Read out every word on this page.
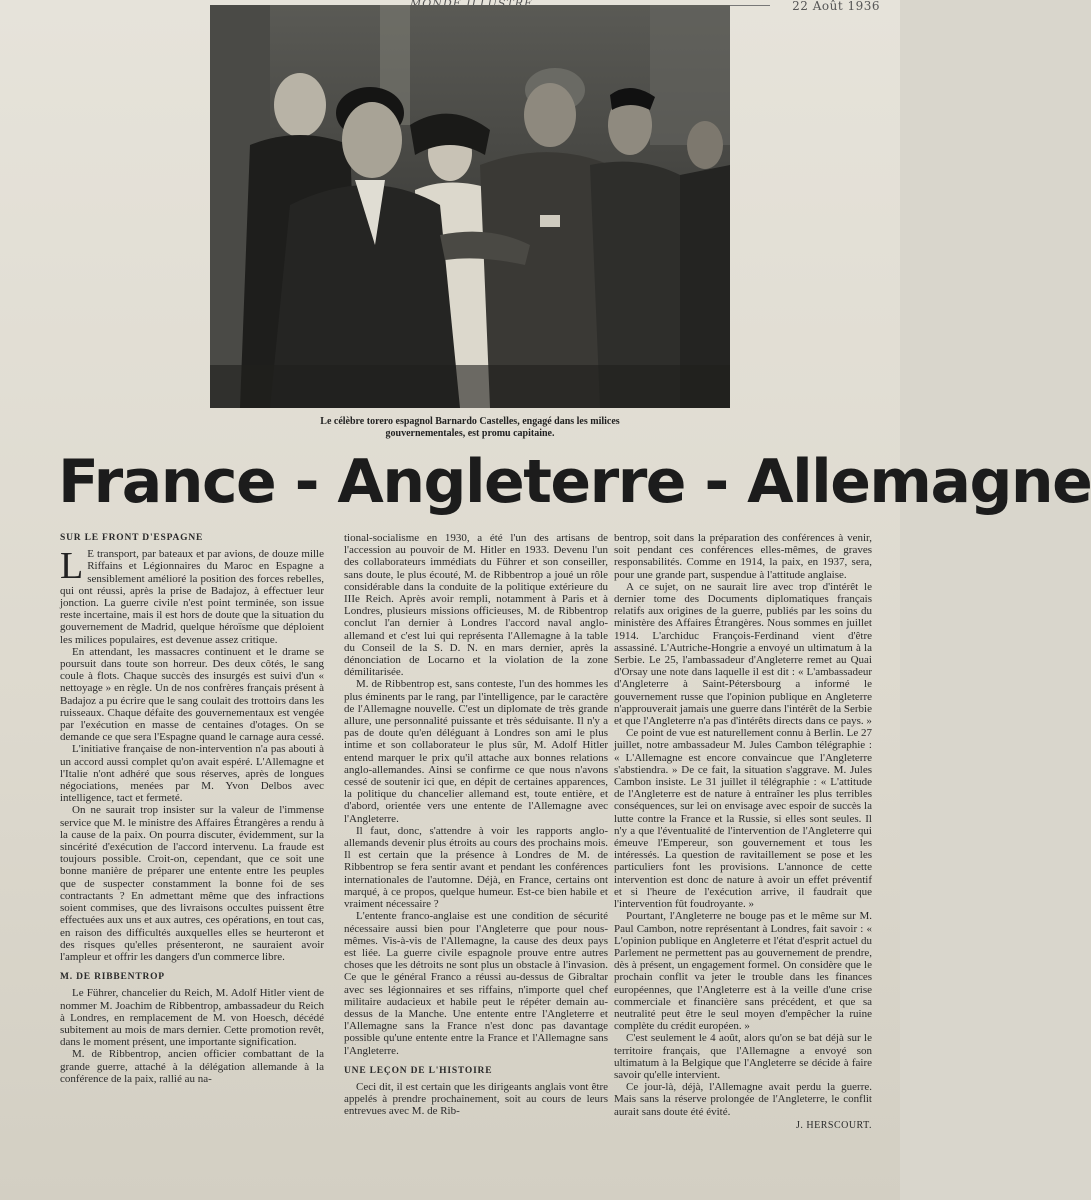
22 Août 1936
Le célèbre torero espagnol Barnardo Castelles, engagé dans les milices
gouvernementales, est promu capitaine.
France - Angleterre - Allemagne
SUR LE FRONT D'ESPAGNE

L E transport, par bateaux et par avions, de douze mille Riffains et Légionnaires du Maroc en Espagne a sensiblement amélioré la position des forces rebelles, qui ont réussi, après la prise de Badajoz, à effectuer leur jonction. La guerre civile n'est point terminée, son issue reste incertaine, mais il est hors de doute que la situation du gouvernement de Madrid, quelque héroïsme que déploient les milices populaires, est devenue assez critique.

En attendant, les massacres continuent et le drame se poursuit dans toute son horreur. Des deux côtés, le sang coule à flots. Chaque succès des insurgés est suivi d'un « nettoyage » en règle. Un de nos confrères français présent à Badajoz a pu écrire que le sang coulait des trottoirs dans les ruisseaux. Chaque défaite des gouvernementaux est vengée par l'exécution en masse de centaines d'otages. On se demande ce que sera l'Espagne quand le carnage aura cessé.

L'initiative française de non-intervention n'a pas abouti à un accord aussi complet qu'on avait espéré. L'Allemagne et l'Italie n'ont adhéré que sous réserves, après de longues négociations, menées par M. Yvon Delbos avec intelligence, tact et fermeté.

On ne saurait trop insister sur la valeur de l'immense service que M. le ministre des Affaires Étrangères a rendu à la cause de la paix. On pourra discuter, évidemment, sur la sincérité d'exécution de l'accord intervenu. La fraude est toujours possible. Croit-on, cependant, que ce soit une bonne manière de préparer une entente entre les peuples que de suspecter constamment la bonne foi de ses contractants ? En admettant même que des infractions soient commises, que des livraisons occultes puissent être effectuées aux uns et aux autres, ces opérations, en tout cas, en raison des difficultés auxquelles elles se heurteront et des risques qu'elles présenteront, ne sauraient avoir l'ampleur et offrir les dangers d'un commerce libre.

M. DE RIBBENTROP

Le Führer, chancelier du Reich, M. Adolf Hitler vient de nommer M. Joachim de Ribbentrop, ambassadeur du Reich à Londres, en remplacement de M. von Hoesch, décédé subitement au mois de mars dernier. Cette promotion revêt, dans le moment présent, une importante signification.

M. de Ribbentrop, ancien officier combattant de la grande guerre, attaché à la délégation allemande à la conférence de la paix, rallié au na-

tional-socialisme en 1930, a été l'un des artisans de l'accession au pouvoir de M. Hitler en 1933. Devenu l'un des collaborateurs immédiats du Führer et son conseiller, sans doute, le plus écouté, M. de Ribbentrop a joué un rôle considérable dans la conduite de la politique extérieure du IIIe Reich. Après avoir rempli, notamment à Paris et à Londres, plusieurs missions officieuses, M. de Ribbentrop conclut l'an dernier à Londres l'accord naval anglo-allemand et c'est lui qui représenta l'Allemagne à la table du Conseil de la S. D. N. en mars dernier, après la dénonciation de Locarno et la violation de la zone démilitarisée.

M. de Ribbentrop est, sans conteste, l'un des hommes les plus éminents par le rang, par l'intelligence, par le caractère de l'Allemagne nouvelle. C'est un diplomate de très grande allure, une personnalité puissante et très séduisante. Il n'y a pas de doute qu'en déléguant à Londres son ami le plus intime et son collaborateur le plus sûr, M. Adolf Hitler entend marquer le prix qu'il attache aux bonnes relations anglo-allemandes. Ainsi se confirme ce que nous n'avons cessé de soutenir ici que, en dépit de certaines apparences, la politique du chancelier allemand est, toute entière, et d'abord, orientée vers une entente de l'Allemagne avec l'Angleterre.

Il faut, donc, s'attendre à voir les rapports anglo-allemands devenir plus étroits au cours des prochains mois. Il est certain que la présence à Londres de M. de Ribbentrop se fera sentir avant et pendant les conférences internationales de l'automne. Déjà, en France, certains ont marqué, à ce propos, quelque humeur. Est-ce bien habile et vraiment nécessaire ?

L'entente franco-anglaise est une condition de sécurité nécessaire aussi bien pour l'Angleterre que pour nous-mêmes. Vis-à-vis de l'Allemagne, la cause des deux pays est liée. La guerre civile espagnole prouve entre autres choses que les détroits ne sont plus un obstacle à l'invasion. Ce que le général Franco a réussi au-dessus de Gibraltar avec ses légionnaires et ses riffains, n'importe quel chef militaire audacieux et habile peut le répéter demain au-dessus de la Manche. Une entente entre l'Angleterre et l'Allemagne sans la France n'est donc pas davantage possible qu'une entente entre la France et l'Allemagne sans l'Angleterre.

UNE LEÇON DE L'HISTOIRE

Ceci dit, il est certain que les dirigeants anglais vont être appelés à prendre prochainement, soit au cours de leurs entrevues avec M. de Rib-

bentrop, soit dans la préparation des conférences à venir, soit pendant ces conférences elles-mêmes, de graves responsabilités. Comme en 1914, la paix, en 1937, sera, pour une grande part, suspendue à l'attitude anglaise.

A ce sujet, on ne saurait lire avec trop d'intérêt le dernier tome des Documents diplomatiques français relatifs aux origines de la guerre, publiés par les soins du ministère des Affaires Étrangères. Nous sommes en juillet 1914. L'archiduc François-Ferdinand vient d'être assassiné. L'Autriche-Hongrie a envoyé un ultimatum à la Serbie. Le 25, l'ambassadeur d'Angleterre remet au Quai d'Orsay une note dans laquelle il est dit : « L'ambassadeur d'Angleterre à Saint-Pétersbourg a informé le gouvernement russe que l'opinion publique en Angleterre n'approuverait jamais une guerre dans l'intérêt de la Serbie et que l'Angleterre n'a pas d'intérêts directs dans ce pays. »

Ce point de vue est naturellement connu à Berlin. Le 27 juillet, notre ambassadeur M. Jules Cambon télégraphie : « L'Allemagne est encore convaincue que l'Angleterre s'abstiendra. » De ce fait, la situation s'aggrave. M. Jules Cambon insiste. Le 31 juillet il télégraphie : « L'attitude de l'Angleterre est de nature à entraîner les plus terribles conséquences, sur lei on envisage avec espoir de succès la lutte contre la France et la Russie, si elles sont seules. Il n'y a que l'éventualité de l'intervention de l'Angleterre qui émeuve l'Empereur, son gouvernement et tous les intéressés. La question de ravitaillement se pose et les particuliers font les provisions. L'annonce de cette intervention est donc de nature à avoir un effet préventif et si l'heure de l'exécution arrive, il faudrait que l'intervention fût foudroyante. »

Pourtant, l'Angleterre ne bouge pas et le même sur M. Paul Cambon, notre représentant à Londres, fait savoir : « L'opinion publique en Angleterre et l'état d'esprit actuel du Parlement ne permettent pas au gouvernement de prendre, dès à présent, un engagement formel. On considère que le prochain conflit va jeter le trouble dans les finances européennes, que l'Angleterre est à la veille d'une crise commerciale et financière sans précédent, et que sa neutralité peut être le seul moyen d'empêcher la ruine complète du crédit européen. »

C'est seulement le 4 août, alors qu'on se bat déjà sur le territoire français, que l'Allemagne a envoyé son ultimatum à la Belgique que l'Angleterre se décide à faire savoir qu'elle intervient.

Ce jour-là, déjà, l'Allemagne avait perdu la guerre. Mais sans la réserve prolongée de l'Angleterre, le conflit aurait sans doute été évité.

J. HERSCOURT.
